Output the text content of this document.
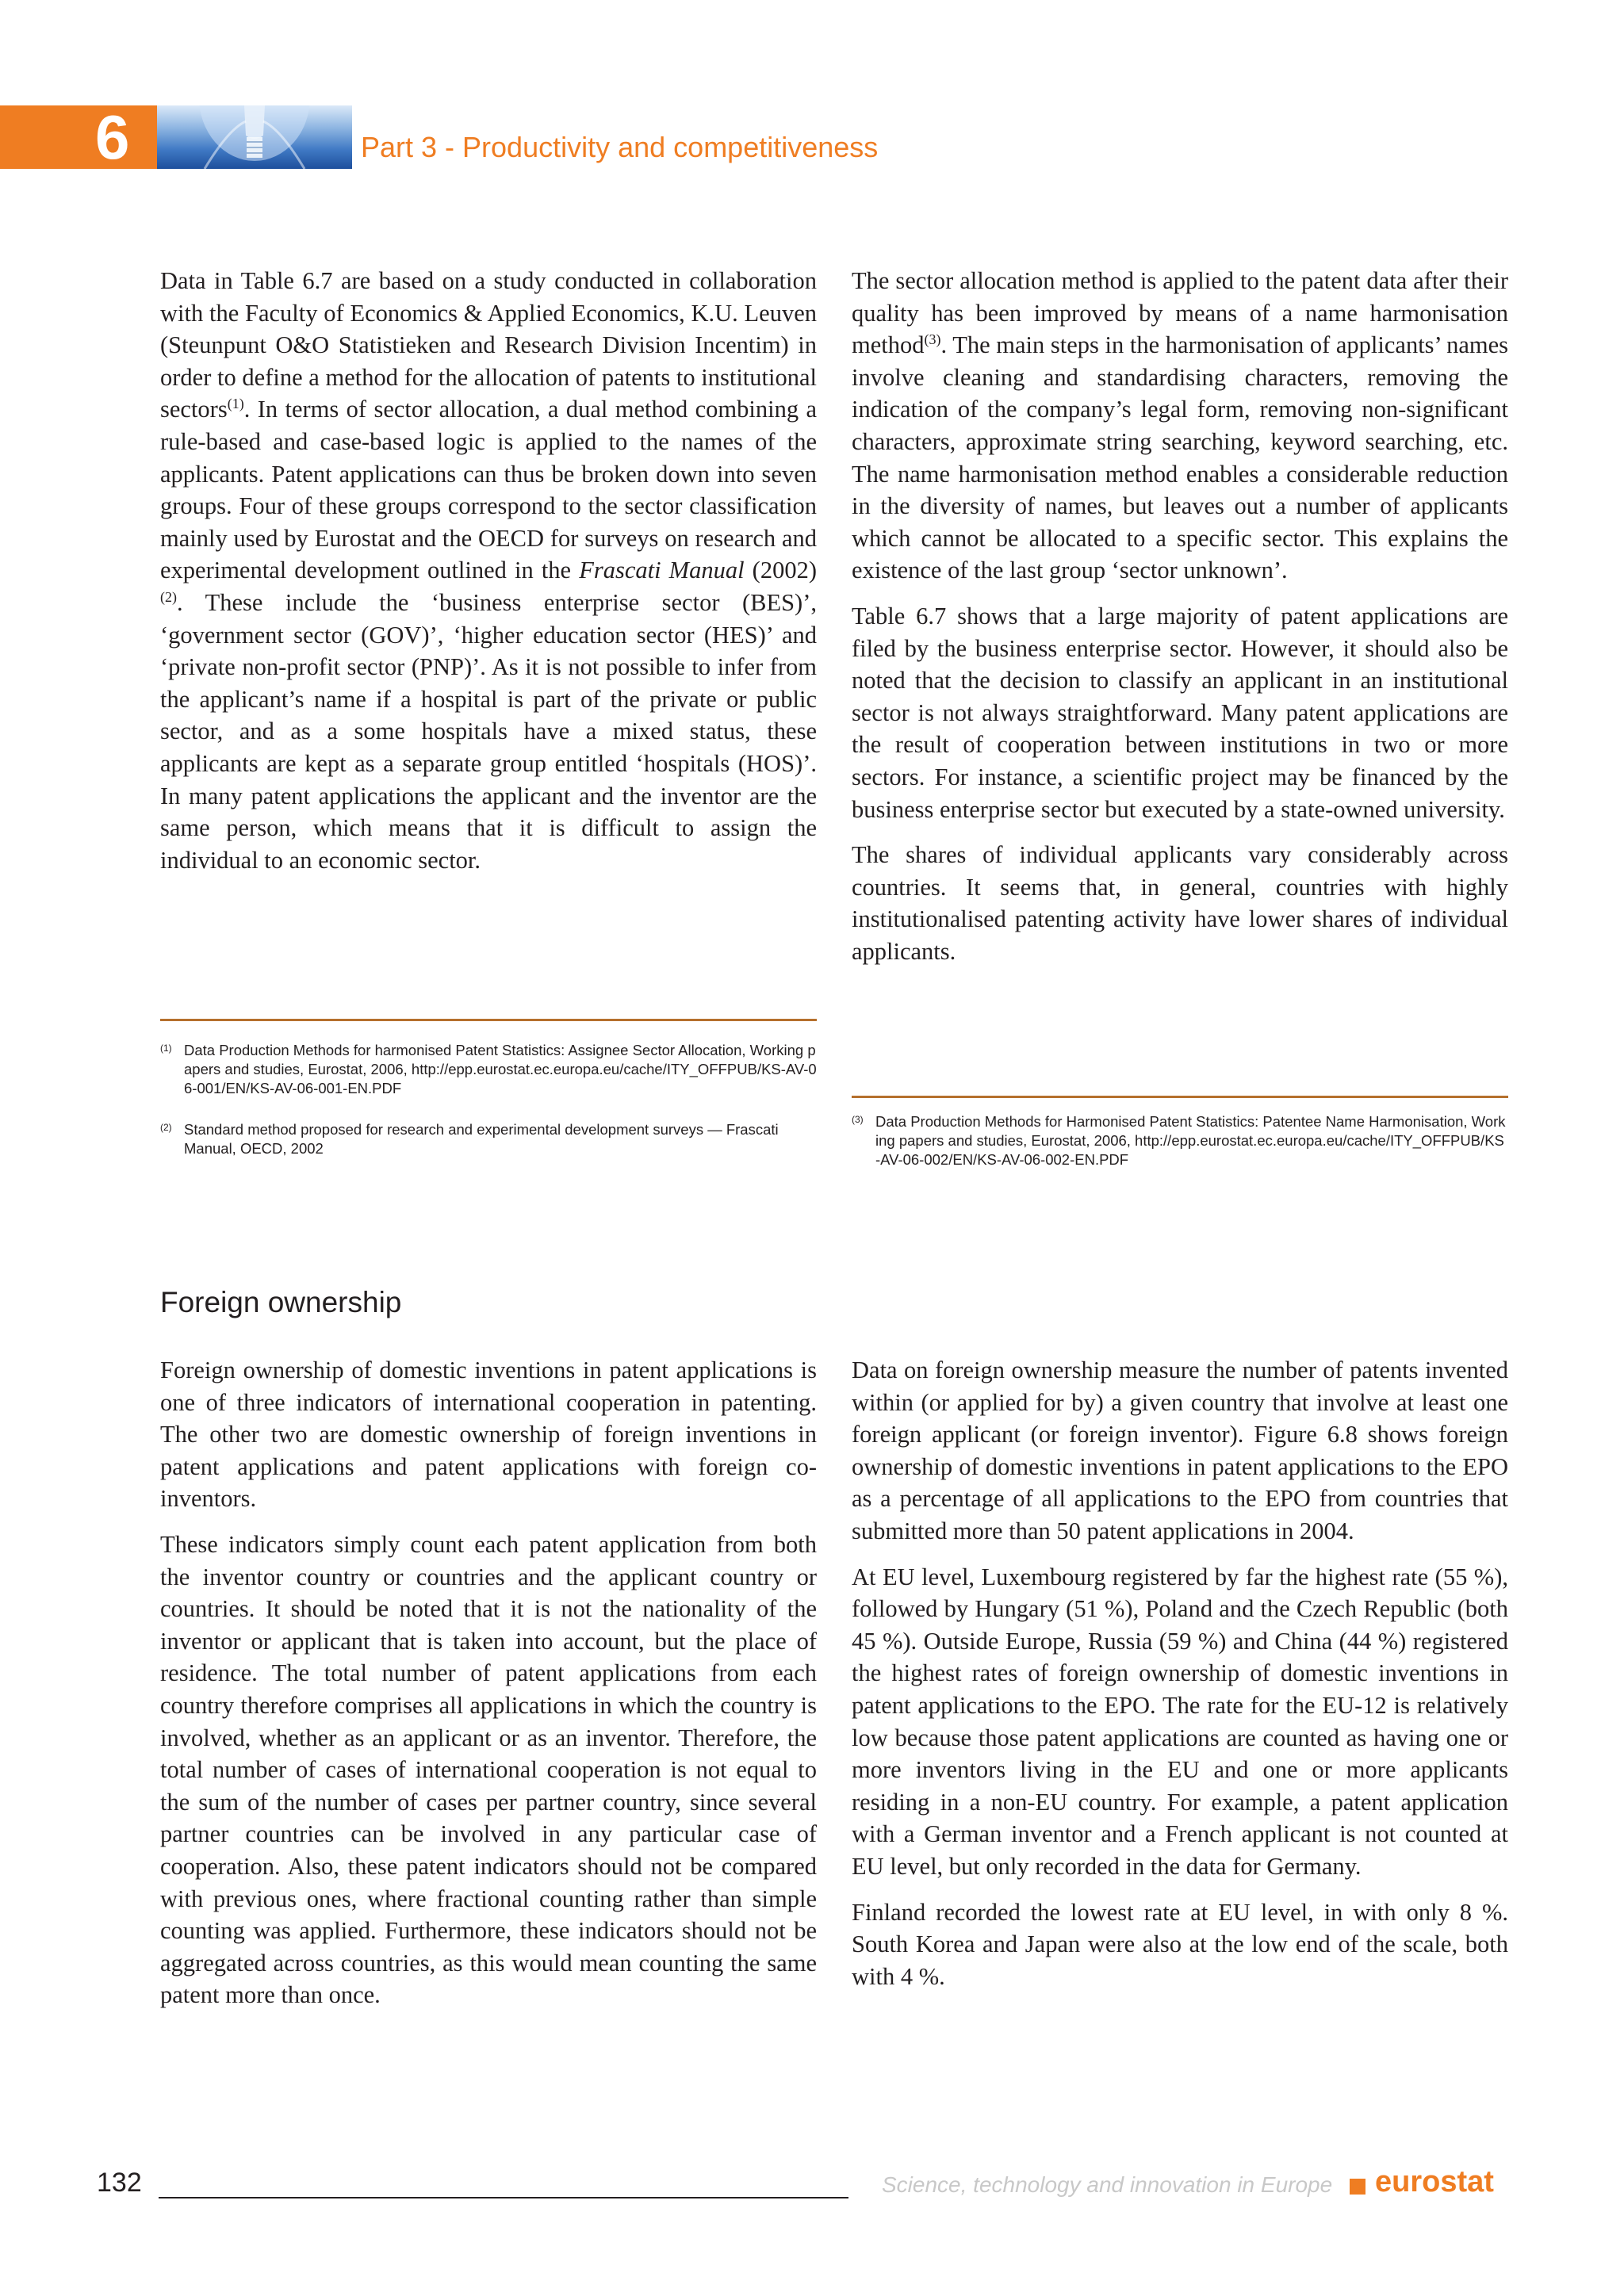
6	Part 3 - Productivity and competitiveness

Data in Table 6.7 are based on a study conducted in collaboration with the Faculty of Economics & Applied Economics, K.U. Leuven (Steunpunt O&O Statistieken and Research Division Incentim) in order to define a method for the allocation of patents to institutional sectors$^{(1)}$. In terms of sector allocation, a dual method combining a rule-based and case-based logic is applied to the names of the applicants. Patent applications can thus be broken down into seven groups. Four of these groups correspond to the sector classification mainly used by Eurostat and the OECD for surveys on research and experimental development outlined in the Frascati Manual $(2002)^{(2)}$. These include the ‘business enterprise sector (BES)’, ‘government sector (GOV)’, ‘higher education sector (HES)’ and ‘private non-profit sector (PNP)’. As it is not possible to infer from the applicant’s name if a hospital is part of the private or public sector, and as a some hospitals have a mixed status, these applicants are kept as a separate group entitled ‘hospitals (HOS)’. In many patent applications the applicant and the inventor are the same person, which means that it is difficult to assign the individual to an economic sector.

The sector allocation method is applied to the patent data after their quality has been improved by means of a name harmonisation method$^{(3)}$. The main steps in the harmonisation of applicants’ names involve cleaning and standardising characters, removing the indication of the company’s legal form, removing non-significant characters, approximate string searching, keyword searching, etc. The name harmonisation method enables a considerable reduction in the diversity of names, but leaves out a number of applicants which cannot be allocated to a specific sector. This explains the existence of the last group ‘sector unknown’.

Table 6.7 shows that a large majority of patent applications are filed by the business enterprise sector. However, it should also be noted that the decision to classify an applicant in an institutional sector is not always straightforward. Many patent applications are the result of cooperation between institutions in two or more sectors. For instance, a scientific project may be financed by the business enterprise sector but executed by a state-owned university.

The shares of individual applicants vary considerably across countries. It seems that, in general, countries with highly institutionalised patenting activity have lower shares of individual applicants.

(1) Data Production Methods for harmonised Patent Statistics: Assignee Sector Allocation, Working papers and studies, Eurostat, 2006, http://epp.eurostat.ec.europa.eu/cache/ITY_OFFPUB/KS-AV-06-001/EN/KS-AV-06-001-EN.PDF
(2) Standard method proposed for research and experimental development surveys — Frascati Manual, OECD, 2002
(3) Data Production Methods for Harmonised Patent Statistics: Patentee Name Harmonisation, Working papers and studies, Eurostat, 2006, http://epp.eurostat.ec.europa.eu/cache/ITY_OFFPUB/KS-AV-06-002/EN/KS-AV-06-002-EN.PDF
Foreign ownership

Foreign ownership of domestic inventions in patent applications is one of three indicators of international cooperation in patenting. The other two are domestic ownership of foreign inventions in patent applications and patent applications with foreign co-inventors.

These indicators simply count each patent application from both the inventor country or countries and the applicant country or countries. It should be noted that it is not the nationality of the inventor or applicant that is taken into account, but the place of residence. The total number of patent applications from each country therefore comprises all applications in which the country is involved, whether as an applicant or as an inventor. Therefore, the total number of cases of international cooperation is not equal to the sum of the number of cases per partner country, since several partner countries can be involved in any particular case of cooperation. Also, these patent indicators should not be compared with previous ones, where fractional counting rather than simple counting was applied. Furthermore, these indicators should not be aggregated across countries, as this would mean counting the same patent more than once.

Data on foreign ownership measure the number of patents invented within (or applied for by) a given country that involve at least one foreign applicant (or foreign inventor). Figure 6.8 shows foreign ownership of domestic inventions in patent applications to the EPO as a percentage of all applications to the EPO from countries that submitted more than 50 patent applications in 2004.

At EU level, Luxembourg registered by far the highest rate (55 %), followed by Hungary (51 %), Poland and the Czech Republic (both 45 %). Outside Europe, Russia (59 %) and China (44 %) registered the highest rates of foreign ownership of domestic inventions in patent applications to the EPO. The rate for the EU-12 is relatively low because those patent applications are counted as having one or more inventors living in the EU and one or more applicants residing in a non-EU country. For example, a patent application with a German inventor and a French applicant is not counted at EU level, but only recorded in the data for Germany.

Finland recorded the lowest rate at EU level, in with only 8 %. South Korea and Japan were also at the low end of the scale, both with 4 %.

132	Science, technology and innovation in Europe eurostat
